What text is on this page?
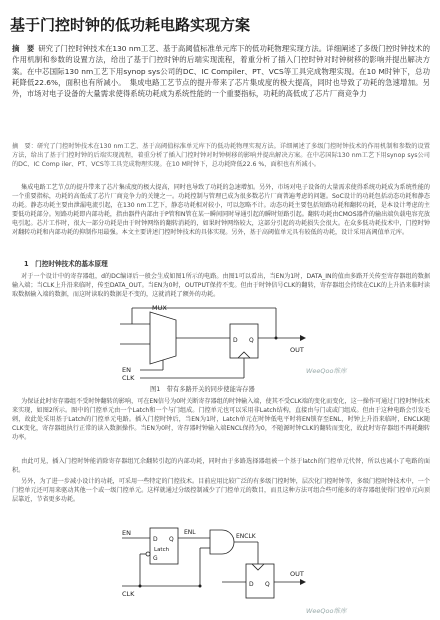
基于门控时钟的低功耗电路实现方案
摘　要 研究了门控时钟技术在130 nm工艺、基于高阈值标准单元库下的低功耗物理实现方法。详细阐述了多级门控时钟技术的作用机制和参数的设置方法，给出了基于门控时钟的后端实现流程，着重分析了插入门控时钟对时钟树移的影响并提出解决方案。在中芯国际130 nm工艺下用synop sys公司的DC、IC Compiler、PT、VCS等工具完成物理实现。在10 M时钟下，总功耗降低22.6%，面积也有所减小。　集成电路工艺节点的提升带来了芯片集成度的极大提高，同时也导致了功耗的急速增加。另外，市场对电子设备的大量需求使得系统功耗成为系统性能的一个重要指标，功耗的高低成了芯片厂商竞争力
摘　要：研究了门控时钟技术在130 nm工艺、基于高阈值标准单元库下的低功耗物理实现方法。详细阐述了多级门控时钟技术的作用机制和参数的设置方法，给出了基于门控时钟的后端实现流程，着重分析了插入门控时钟对时钟树移的影响并提出解决方案。在中芯国际130 nm工艺下用synop sys公司的DC、IC Comp iler、PT、VCS等工具完成物理实现。在10 M时钟下，总功耗降低22.6 %，面积也有所减小。
集成电路工艺节点的提升带来了芯片集成度的极大提高，同时也导致了功耗的急速增加。另外，市场对电子设备的大量需求使得系统功耗成为系统性能的一个重要指标，功耗的高低成了芯片厂商竞争力的关键之一。功耗控制与管理已成为很多数芯片厂商普遍考虑的问题。SoC设计的功耗包括动态功耗和静态功耗。静态功耗主要由泄漏电流引起，在130 nm工艺下，静态功耗相对较小，可以忽略不计。动态功耗主要包括短路功耗和翻转功耗，是本设计考虑的主要低功耗部分。短路功耗即内部功耗，指由器件内部由于P管和N管在某一瞬间同时导通引起的瞬时短路引起。翻转功耗由CMOS器件的输出端负载电容充放电引起。芯片工作时，很大一部分功耗是由于时钟网络的翻转消耗的，如果时钟网络较大，这部分引起的功耗损失会很大。在众多低功耗技术中，门控时钟对翻转功耗和内部功耗的抑制作用最强。本文主要讲述门控时钟技术的具体实现。另外，基于高阈值单元具有较低的功耗，设计采用高阈值单元库。
1　门控时钟技术的基本原理
对于一个设计中的寄存器组，d的DC编译后一般会生成如图1所示的电路。由图1可以看出，当EN为1时，DATA_IN的值由多路开关传至寄存器组的数据输入端；当CLK上升沿来临时，传至DATA_OUT。当EN为0时，OUTPUT保持不变。但由于时钟信号CLK的翻转，寄存器组会持续在CLK的上升沿来临时读取数据输入端的数据，而这时读取的数据是不变的，这就消耗了额外的功耗。
MUX
EN
CLK
D Q
OUT
WeeQoo维库
图1　带有多路开关的同步使能寄存器
为保证此时寄存器组不受时钟翻转的影响，可在EN信号为0时关断寄存器组的时钟输入端，使其不受CLK端的变化而变化，这一操作可通过门控时钟技术来实现，如图2所示。图中的门控单元由一个Latch和一个与门组成。门控单元也可以采用非Latch结构，直接由与门或或门组成。但由于这种电路会引发毛刺，故此处采用基于Latch的门控单元电路。插入门控时钟后，当EN为1时，Latch单元在时钟低电平时将EN锁存至ENL，时钟上升沿来临时，ENCLK随CLK变化，寄存器组执行正常的读入数据操作。当EN为0时，寄存器时钟输入端ENCL保持为0，不随源时钟CLK的翻转而变化，故此时寄存器组不再耗翻转功率。
由此可见，插入门控时钟能消除寄存器组冗余翻转引起的内部功耗，同时由于多路选择器组被一个基于latch的门控单元代替，所以也减小了电路的面积。
另外，为了进一步减小设计的功耗，可采用一些特定的门控技术。目前应用比较广泛的有多级门控时钟，层次化门控时钟等，多级门控时钟技术中，一个门控单元还可用来驱动其他一个或一级门控单元。这样就通过分级控制减少了门控单元的数目，而且这种方法可组合些可能多的寄存器组使得门控单元向顶层靠近，节省更多功耗。
EN
D Q
Latch
G
ENL
CLK
ENCLK
D Q
OUT
WeeQoo维库
